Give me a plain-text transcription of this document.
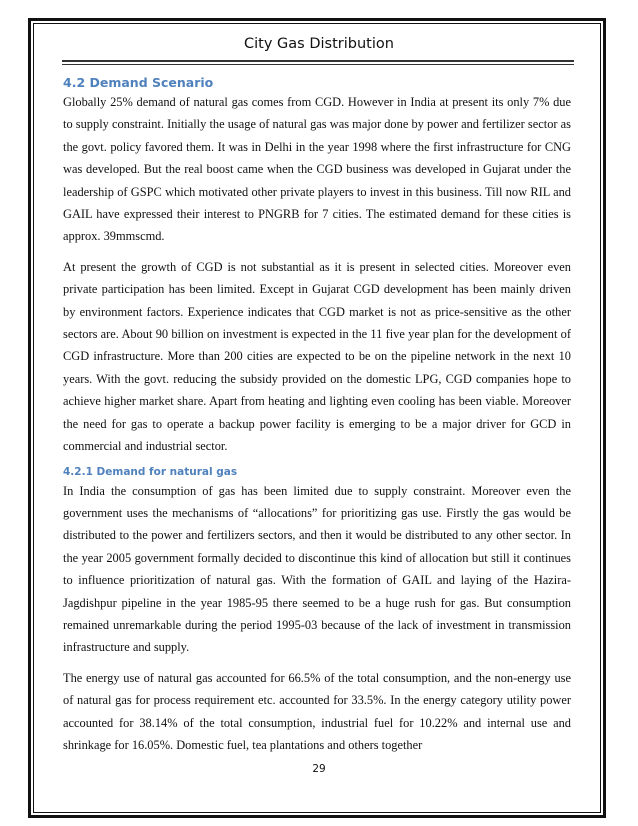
City Gas Distribution
4.2 Demand Scenario

Globally 25% demand of natural gas comes from CGD. However in India at present its only 7% due to supply constraint. Initially the usage of natural gas was major done by power and fertilizer sector as the govt. policy favored them. It was in Delhi in the year 1998 where the first infrastructure for CNG was developed. But the real boost came when the CGD business was developed in Gujarat under the leadership of GSPC which motivated other private players to invest in this business. Till now RIL and GAIL have expressed their interest to PNGRB for 7 cities. The estimated demand for these cities is approx. 39mmscmd.

At present the growth of CGD is not substantial as it is present in selected cities. Moreover even private participation has been limited. Except in Gujarat CGD development has been mainly driven by environment factors. Experience indicates that CGD market is not as price-sensitive as the other sectors are. About 90 billion on investment is expected in the 11 five year plan for the development of CGD infrastructure. More than 200 cities are expected to be on the pipeline network in the next 10 years. With the govt. reducing the subsidy provided on the domestic LPG, CGD companies hope to achieve higher market share. Apart from heating and lighting even cooling has been viable. Moreover the need for gas to operate a backup power facility is emerging to be a major driver for GCD in commercial and industrial sector.

4.2.1 Demand for natural gas

In India the consumption of gas has been limited due to supply constraint. Moreover even the government uses the mechanisms of “allocations” for prioritizing gas use. Firstly the gas would be distributed to the power and fertilizers sectors, and then it would be distributed to any other sector. In the year 2005 government formally decided to discontinue this kind of allocation but still it continues to influence prioritization of natural gas. With the formation of GAIL and laying of the Hazira- Jagdishpur pipeline in the year 1985-95 there seemed to be a huge rush for gas. But consumption remained unremarkable during the period 1995-03 because of the lack of investment in transmission infrastructure and supply.

The energy use of natural gas accounted for 66.5% of the total consumption, and the non-energy use of natural gas for process requirement etc. accounted for 33.5%. In the energy category utility power accounted for 38.14% of the total consumption, industrial fuel for 10.22% and internal use and shrinkage for 16.05%. Domestic fuel, tea plantations and others together

29
